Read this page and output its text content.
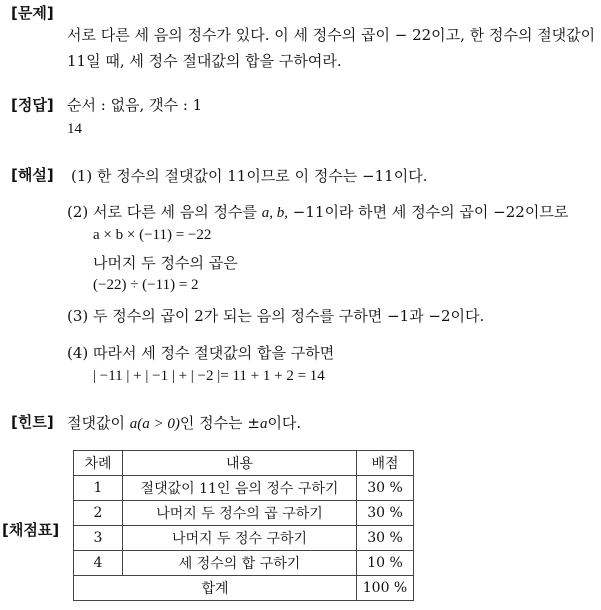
[문제]
서로 다른 세 음의 정수가 있다. 이 세 정수의 곱이 − 22이고, 한 정수의 절댓값이
11일 때, 세 정수 절대값의 합을 구하여라.
[정답] 순서 : 없음, 갯수 : 1
14
[해설] (1) 한 정수의 절댓값이 11이므로 이 정수는 −11이다.
(2) 서로 다른 세 음의 정수를 a, b, −11이라 하면 세 정수의 곱이 −22이므로
a × b × (−11) = −22
나머지 두 정수의 곱은
(−22) ÷ (−11) = 2
(3) 두 정수의 곱이 2가 되는 음의 정수를 구하면 −1과 −2이다.
(4) 따라서 세 정수 절댓값의 합을 구하면
| −11 | + | −1 | + | −2 |= 11 + 1 + 2 = 14
[힌트] 절댓값이 a(a > 0)인 정수는 ±a이다.
[채점표]
차례	내용	배점
1	절댓값이 11인 음의 정수 구하기	30 %
2	나머지 두 정수의 곱 구하기	30 %
3	나머지 두 정수 구하기	30 %
4	세 정수의 합 구하기	10 %
합계		100 %
